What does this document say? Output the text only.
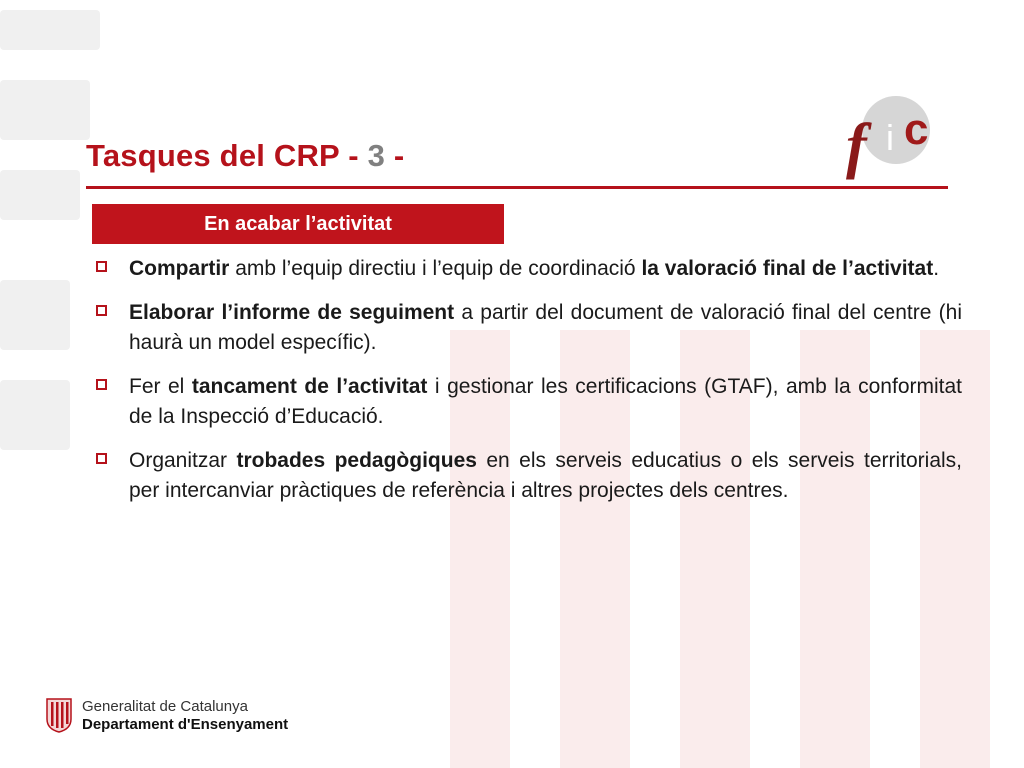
Tasques del CRP - 3 -	f i c
En acabar l’activitat
Compartir amb l’equip directiu i l’equip de coordinació la valoració final de l’activitat.
Elaborar l’informe de seguiment a partir del document de valoració final del centre (hi haurà un model específic).
Fer el tancament de l’activitat i gestionar les certificacions (GTAF), amb la conformitat de la Inspecció d’Educació.
Organitzar trobades pedagògiques en els serveis educatius o els serveis territorials, per intercanviar pràctiques de referència i altres projectes dels centres.
Generalitat de Catalunya
Departament d'Ensenyament
